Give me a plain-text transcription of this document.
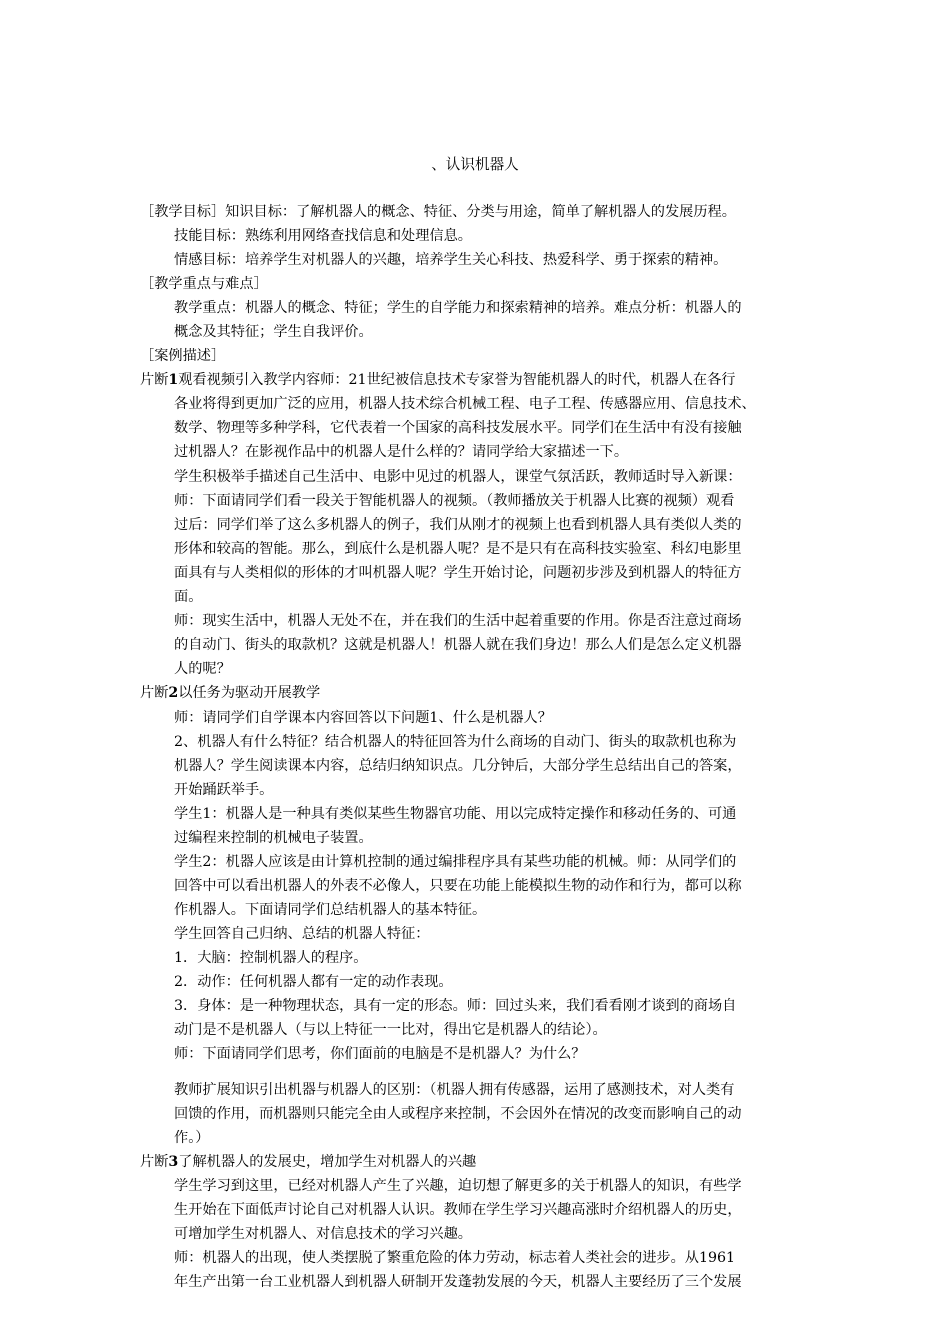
、认识机器人
［教学目标］知识目标：了解机器人的概念、特征、分类与用途，简单了解机器人的发展历程。
技能目标：熟练利用网络查找信息和处理信息。
情感目标：培养学生对机器人的兴趣，培养学生关心科技、热爱科学、勇于探索的精神。
［教学重点与难点］
教学重点：机器人的概念、特征；学生的自学能力和探索精神的培养。难点分析：机器人的
概念及其特征；学生自我评价。
［案例描述］
片断1观看视频引入教学内容师：21世纪被信息技术专家誉为智能机器人的时代，机器人在各行
各业将得到更加广泛的应用，机器人技术综合机械工程、电子工程、传感器应用、信息技术、
数学、物理等多种学科，它代表着一个国家的高科技发展水平。同学们在生活中有没有接触
过机器人？在影视作品中的机器人是什么样的？请同学给大家描述一下。
学生积极举手描述自己生活中、电影中见过的机器人，课堂气氛活跃，教师适时导入新课：
师：下面请同学们看一段关于智能机器人的视频。（教师播放关于机器人比赛的视频）观看
过后：同学们举了这么多机器人的例子，我们从刚才的视频上也看到机器人具有类似人类的
形体和较高的智能。那么，到底什么是机器人呢？是不是只有在高科技实验室、科幻电影里
面具有与人类相似的形体的才叫机器人呢？学生开始讨论，问题初步涉及到机器人的特征方
面。
师：现实生活中，机器人无处不在，并在我们的生活中起着重要的作用。你是否注意过商场
的自动门、街头的取款机？这就是机器人！机器人就在我们身边！那么人们是怎么定义机器
人的呢？
片断2以任务为驱动开展教学
师：请同学们自学课本内容回答以下问题1、什么是机器人？
2、机器人有什么特征？结合机器人的特征回答为什么商场的自动门、街头的取款机也称为
机器人？学生阅读课本内容，总结归纳知识点。几分钟后，大部分学生总结出自己的答案，
开始踊跃举手。
学生1：机器人是一种具有类似某些生物器官功能、用以完成特定操作和移动任务的、可通
过编程来控制的机械电子装置。
学生2：机器人应该是由计算机控制的通过编排程序具有某些功能的机械。师：从同学们的
回答中可以看出机器人的外表不必像人，只要在功能上能模拟生物的动作和行为，都可以称
作机器人。下面请同学们总结机器人的基本特征。
学生回答自己归纳、总结的机器人特征：
1．大脑：控制机器人的程序。
2．动作：任何机器人都有一定的动作表现。
3．身体：是一种物理状态，具有一定的形态。师：回过头来，我们看看刚才谈到的商场自
动门是不是机器人（与以上特征一一比对，得出它是机器人的结论）。
师：下面请同学们思考，你们面前的电脑是不是机器人？为什么？
教师扩展知识引出机器与机器人的区别：（机器人拥有传感器，运用了感测技术，对人类有
回馈的作用，而机器则只能完全由人或程序来控制，不会因外在情况的改变而影响自己的动
作。）
片断3了解机器人的发展史，增加学生对机器人的兴趣
学生学习到这里，已经对机器人产生了兴趣，迫切想了解更多的关于机器人的知识，有些学
生开始在下面低声讨论自己对机器人认识。教师在学生学习兴趣高涨时介绍机器人的历史，
可增加学生对机器人、对信息技术的学习兴趣。
师：机器人的出现，使人类摆脱了繁重危险的体力劳动，标志着人类社会的进步。从1961
年生产出第一台工业机器人到机器人研制开发蓬勃发展的今天，机器人主要经历了三个发展
